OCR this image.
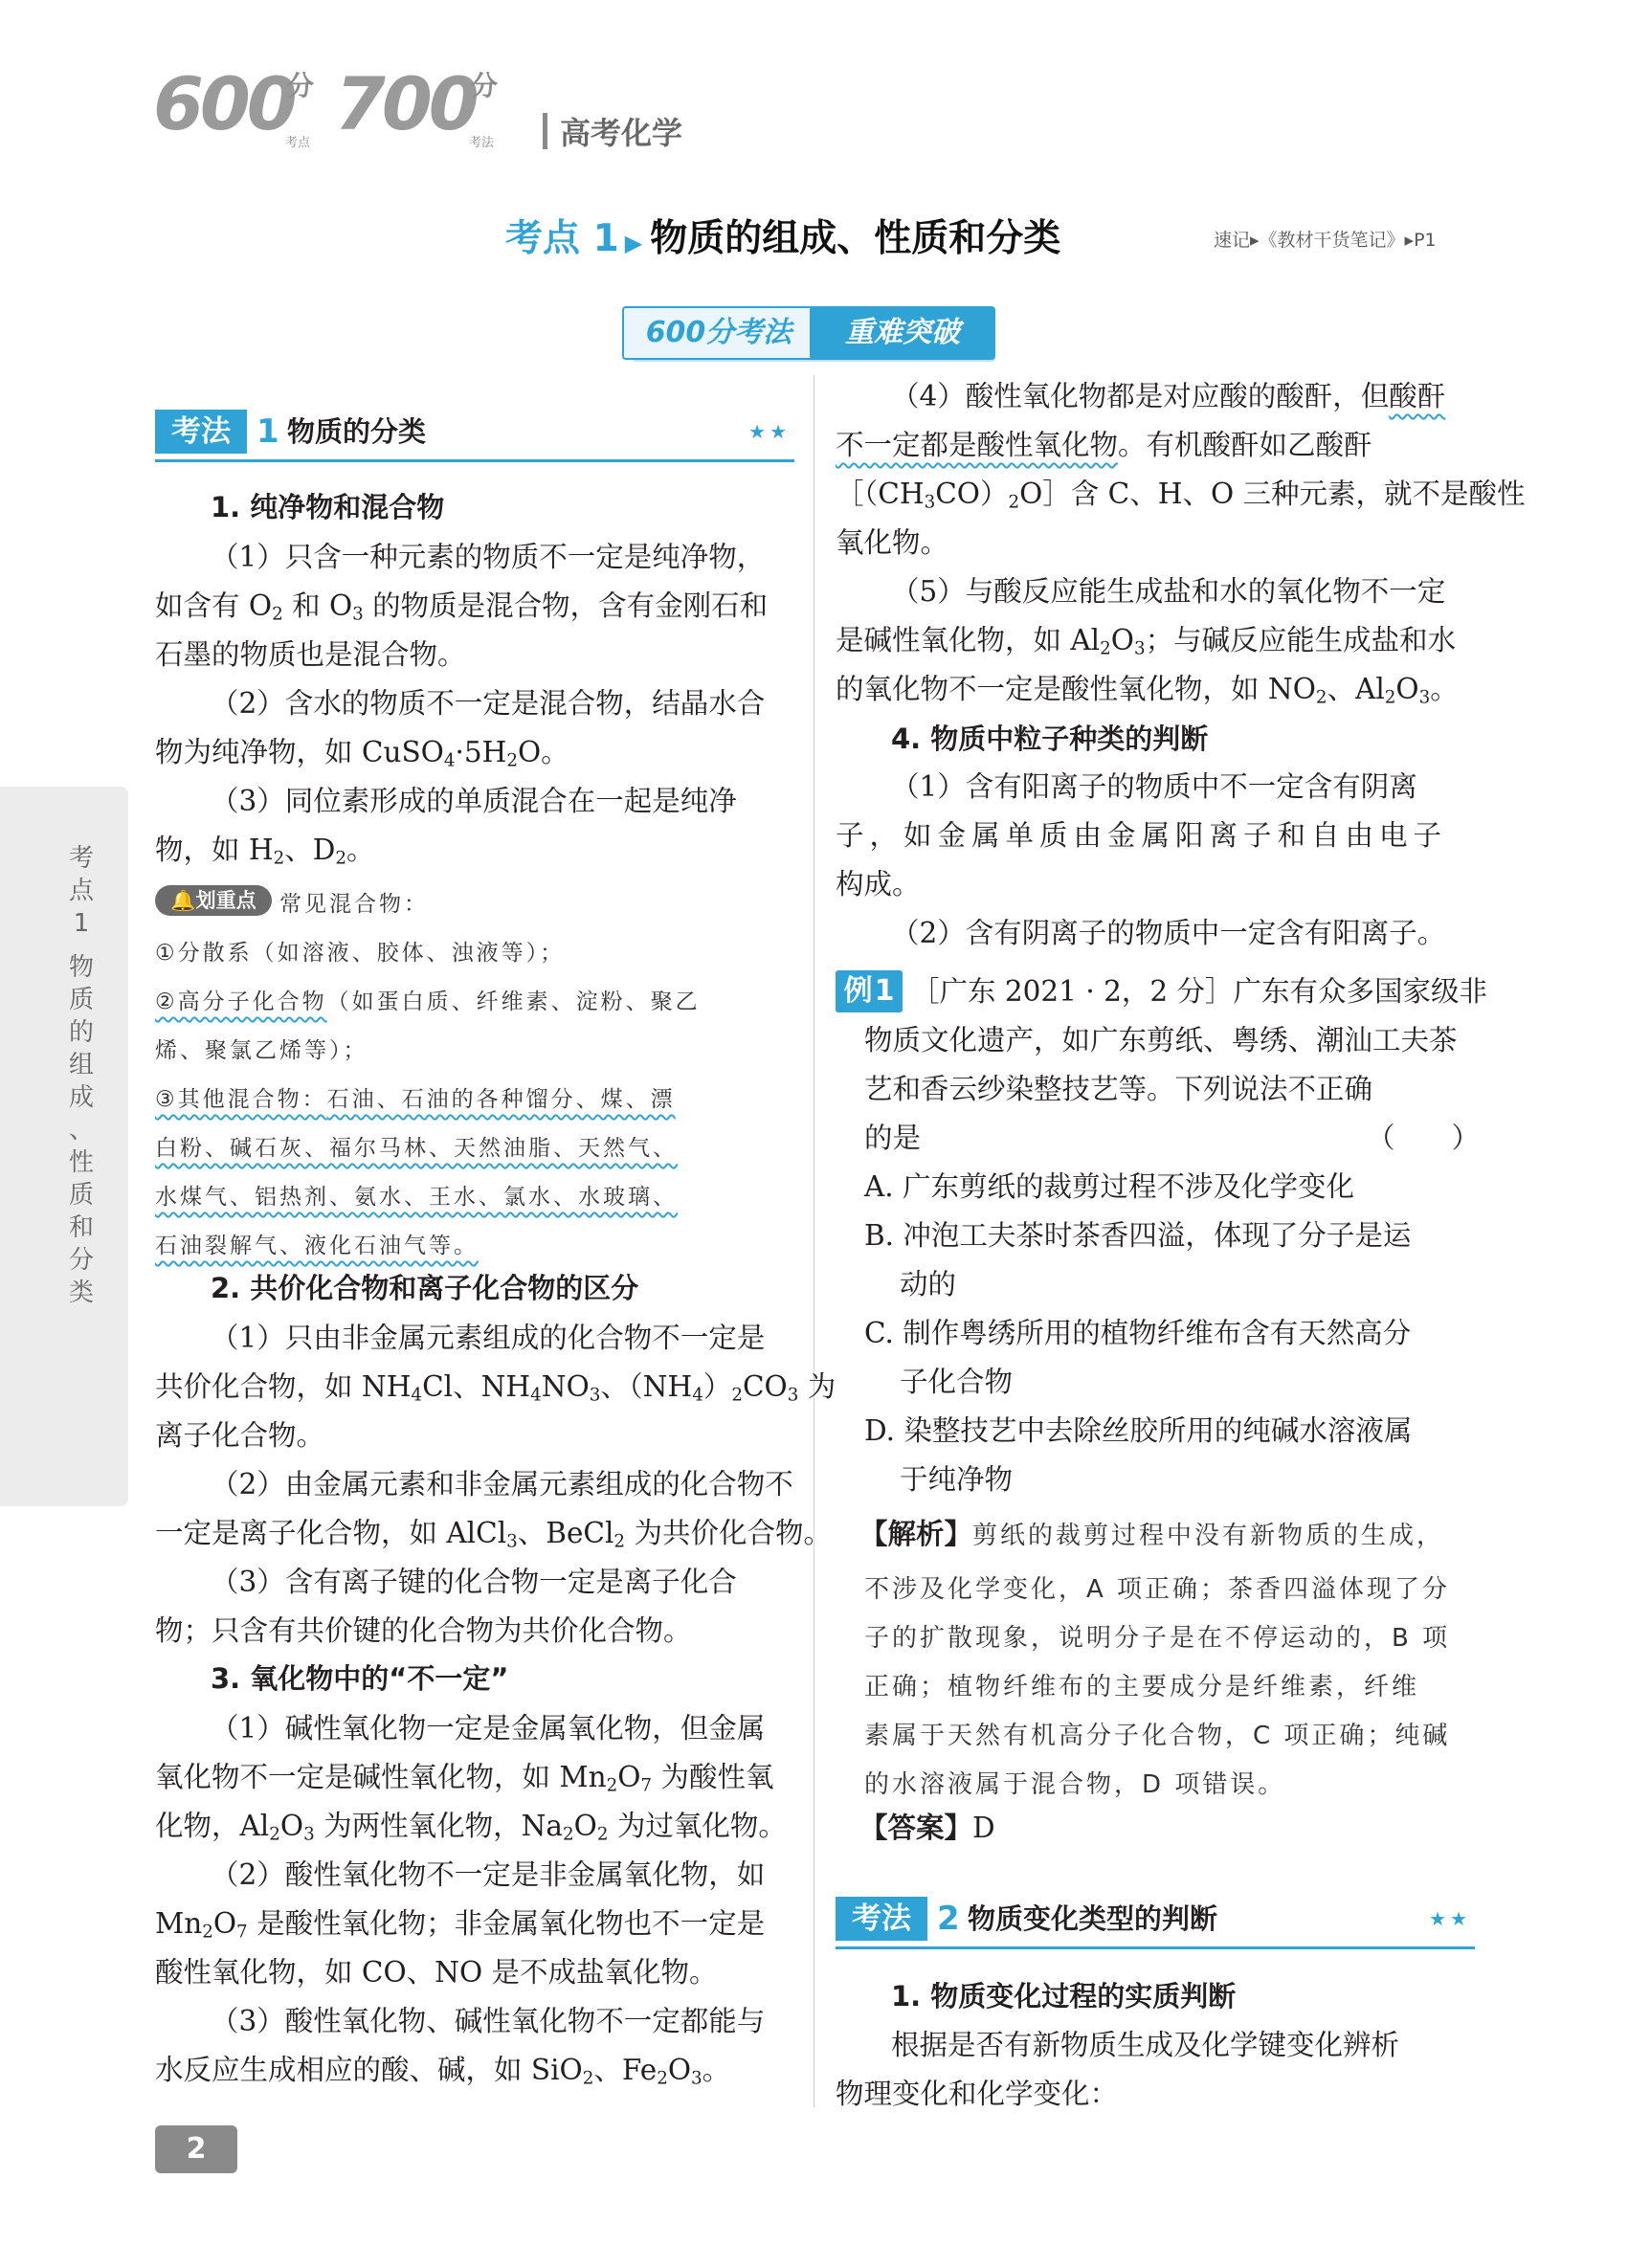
600
分
考点 700
分
考法 高考化学
考点 1 ▶ 物质的组成、性质和分类	速记▸《教材干货笔记》▸P1
600分考法	重难突破
考
点
1
物
质
的
组
成
、
性
质
和
分
类
考法 1 物质的分类	★★
1. 纯净物和混合物
（1）只含一种元素的物质不一定是纯净物，
如含有 $O_2$ 和 $O_3$ 的物质是混合物，含有金刚石和
石墨的物质也是混合物。
（2）含水的物质不一定是混合物，结晶水合
物为纯净物，如 $CuSO_4\cdot 5H_2O$。
（3）同位素形成的单质混合在一起是纯净
物，如 $H_2$、$D_2$。
🔔划重点	常见混合物：
①分散系（如溶液、胶体、浊液等）；
②高分子化合物（如蛋白质、纤维素、淀粉、聚乙
烯、聚氯乙烯等）；
③其他混合物：石油、石油的各种馏分、煤、漂
白粉、碱石灰、福尔马林、天然油脂、天然气、
水煤气、铝热剂、氨水、王水、氯水、水玻璃、
石油裂解气、液化石油气等。
2. 共价化合物和离子化合物的区分
（1）只由非金属元素组成的化合物不一定是
共价化合物，如 $NH_4Cl$、$NH_4NO_3$、$(NH_4)_2CO_3$ 为
离子化合物。
（2）由金属元素和非金属元素组成的化合物不
一定是离子化合物，如 AlCl$_3$、BeCl$_2$ 为共价化合物。
（3）含有离子键的化合物一定是离子化合
物；只含有共价键的化合物为共价化合物。
3. 氧化物中的“不一定”
（1）碱性氧化物一定是金属氧化物，但金属
氧化物不一定是碱性氧化物，如 $Mn_2O_7$ 为酸性氧
化物，$Al_2O_3$ 为两性氧化物，$Na_2O_2$ 为过氧化物。
（2）酸性氧化物不一定是非金属氧化物，如
$Mn_2O_7$ 是酸性氧化物；非金属氧化物也不一定是
酸性氧化物，如 CO、NO 是不成盐氧化物。
（3）酸性氧化物、碱性氧化物不一定都能与
水反应生成相应的酸、碱，如 SiO$_2$、$Fe_2O_3$。
（4）酸性氧化物都是对应酸的酸酐，但酸酐
不一定都是酸性氧化物。有机酸酐如乙酸酐
$[(CH_3CO)_2O]$含 C、H、O 三种元素，就不是酸性
氧化物。
（5）与酸反应能生成盐和水的氧化物不一定
是碱性氧化物，如 $Al_2O_3$；与碱反应能生成盐和水
的氧化物不一定是酸性氧化物，如 $NO_2$、$Al_2O_3$。
4. 物质中粒子种类的判断
（1）含有阳离子的物质中不一定含有阴离
子，如金属单质由金属阳离子和自由电子
构成。
（2）含有阴离子的物质中一定含有阳离子。
例1 ［广东 2021 · 2，2 分］广东有众多国家级非
物质文化遗产，如广东剪纸、粤绣、潮汕工夫茶
艺和香云纱染整技艺等。下列说法不正确
的是	（　　）
A. 广东剪纸的裁剪过程不涉及化学变化
B. 冲泡工夫茶时茶香四溢，体现了分子是运
动的
C. 制作粤绣所用的植物纤维布含有天然高分
子化合物
D. 染整技艺中去除丝胶所用的纯碱水溶液属
于纯净物
【解析】剪纸的裁剪过程中没有新物质的生成，
不涉及化学变化，A 项正确；茶香四溢体现了分
子的扩散现象，说明分子是在不停运动的，B 项
正确；植物纤维布的主要成分是纤维素，纤维
素属于天然有机高分子化合物，C 项正确；纯碱
的水溶液属于混合物，D 项错误。
【答案】D
考法 2 物质变化类型的判断	★★
1. 物质变化过程的实质判断
根据是否有新物质生成及化学键变化辨析
物理变化和化学变化：
2
